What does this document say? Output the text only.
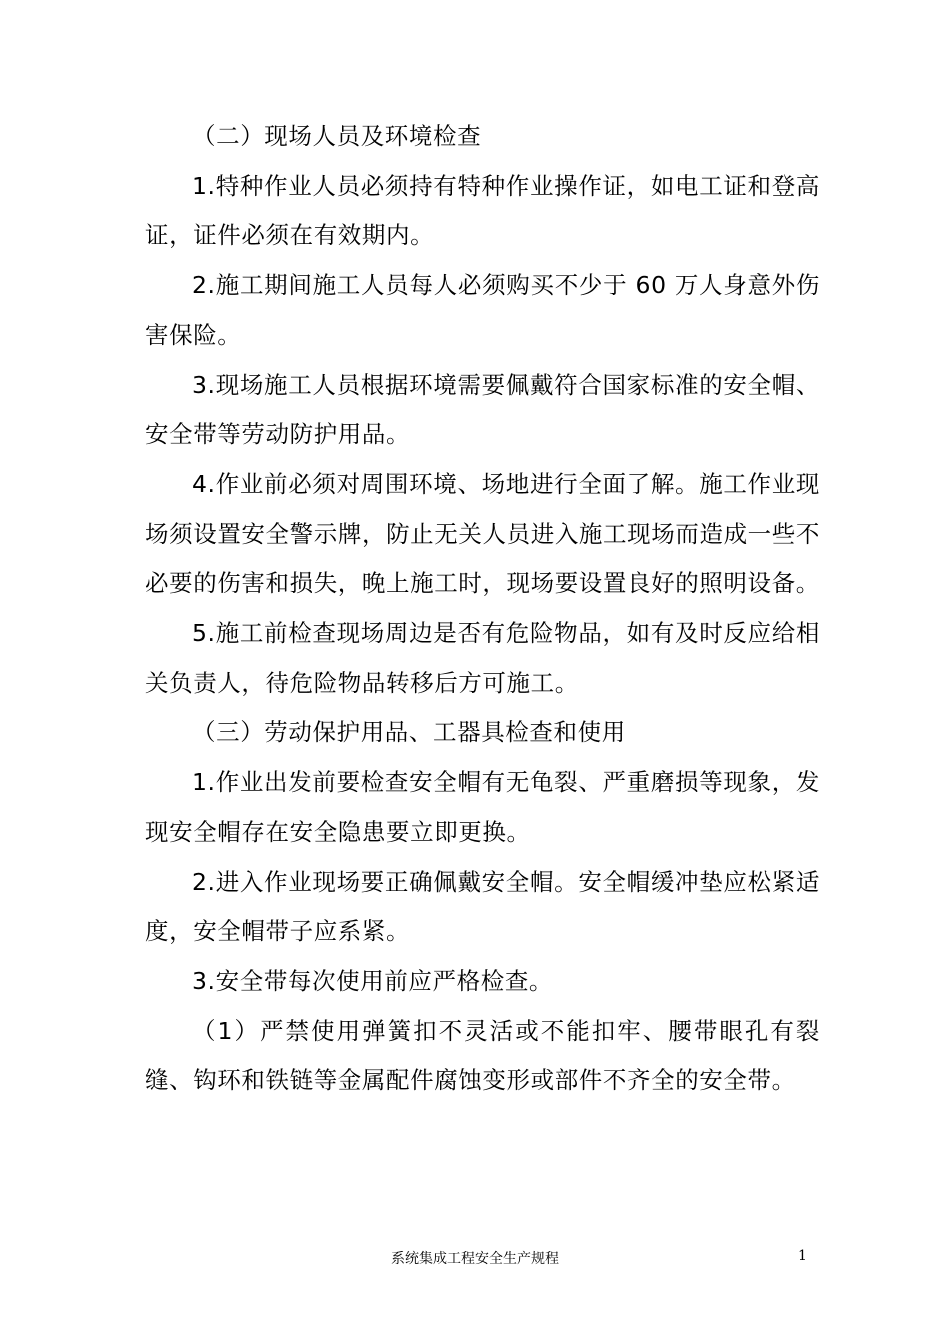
（二）现场人员及环境检查

1.特种作业人员必须持有特种作业操作证，如电工证和登高证，证件必须在有效期内。

2.施工期间施工人员每人必须购买不少于 60 万人身意外伤害保险。

3.现场施工人员根据环境需要佩戴符合国家标准的安全帽、安全带等劳动防护用品。

4.作业前必须对周围环境、场地进行全面了解。施工作业现场须设置安全警示牌，防止无关人员进入施工现场而造成一些不必要的伤害和损失，晚上施工时，现场要设置良好的照明设备。

5.施工前检查现场周边是否有危险物品，如有及时反应给相关负责人，待危险物品转移后方可施工。

（三）劳动保护用品、工器具检查和使用

1.作业出发前要检查安全帽有无龟裂、严重磨损等现象，发现安全帽存在安全隐患要立即更换。

2.进入作业现场要正确佩戴安全帽。安全帽缓冲垫应松紧适度，安全帽带子应系紧。

3.安全带每次使用前应严格检查。

（1）严禁使用弹簧扣不灵活或不能扣牢、腰带眼孔有裂缝、钩环和铁链等金属配件腐蚀变形或部件不齐全的安全带。

系统集成工程安全生产规程	1
